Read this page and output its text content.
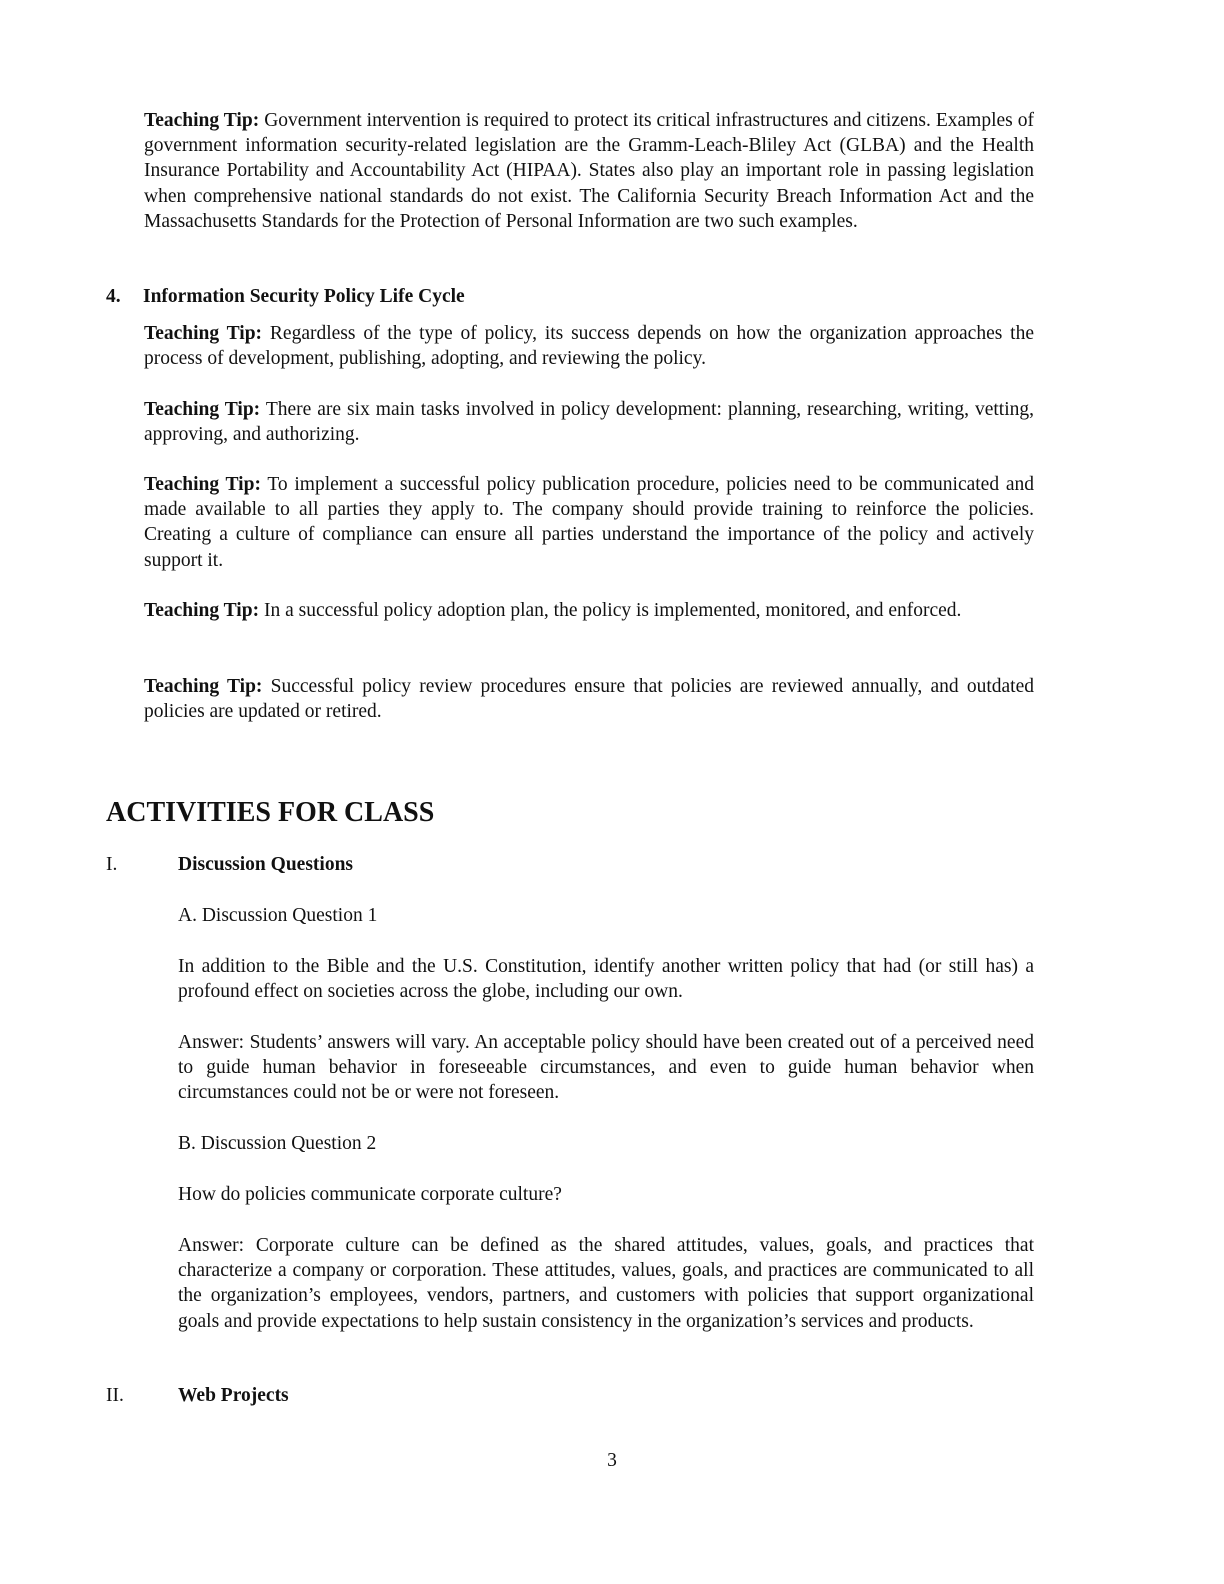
Teaching Tip: Government intervention is required to protect its critical infrastructures and citizens. Examples of government information security-related legislation are the Gramm-Leach-Bliley Act (GLBA) and the Health Insurance Portability and Accountability Act (HIPAA). States also play an important role in passing legislation when comprehensive national standards do not exist. The California Security Breach Information Act and the Massachusetts Standards for the Protection of Personal Information are two such examples.
4. Information Security Policy Life Cycle
Teaching Tip: Regardless of the type of policy, its success depends on how the organization approaches the process of development, publishing, adopting, and reviewing the policy.
Teaching Tip: There are six main tasks involved in policy development: planning, researching, writing, vetting, approving, and authorizing.
Teaching Tip: To implement a successful policy publication procedure, policies need to be communicated and made available to all parties they apply to. The company should provide training to reinforce the policies. Creating a culture of compliance can ensure all parties understand the importance of the policy and actively support it.
Teaching Tip: In a successful policy adoption plan, the policy is implemented, monitored, and enforced.
Teaching Tip: Successful policy review procedures ensure that policies are reviewed annually, and outdated policies are updated or retired.
ACTIVITIES FOR CLASS
I.	Discussion Questions
A. Discussion Question 1
In addition to the Bible and the U.S. Constitution, identify another written policy that had (or still has) a profound effect on societies across the globe, including our own.
Answer: Students’ answers will vary. An acceptable policy should have been created out of a perceived need to guide human behavior in foreseeable circumstances, and even to guide human behavior when circumstances could not be or were not foreseen.
B. Discussion Question 2
How do policies communicate corporate culture?
Answer: Corporate culture can be defined as the shared attitudes, values, goals, and practices that characterize a company or corporation. These attitudes, values, goals, and practices are communicated to all the organization’s employees, vendors, partners, and customers with policies that support organizational goals and provide expectations to help sustain consistency in the organization’s services and products.
II.	Web Projects
3
